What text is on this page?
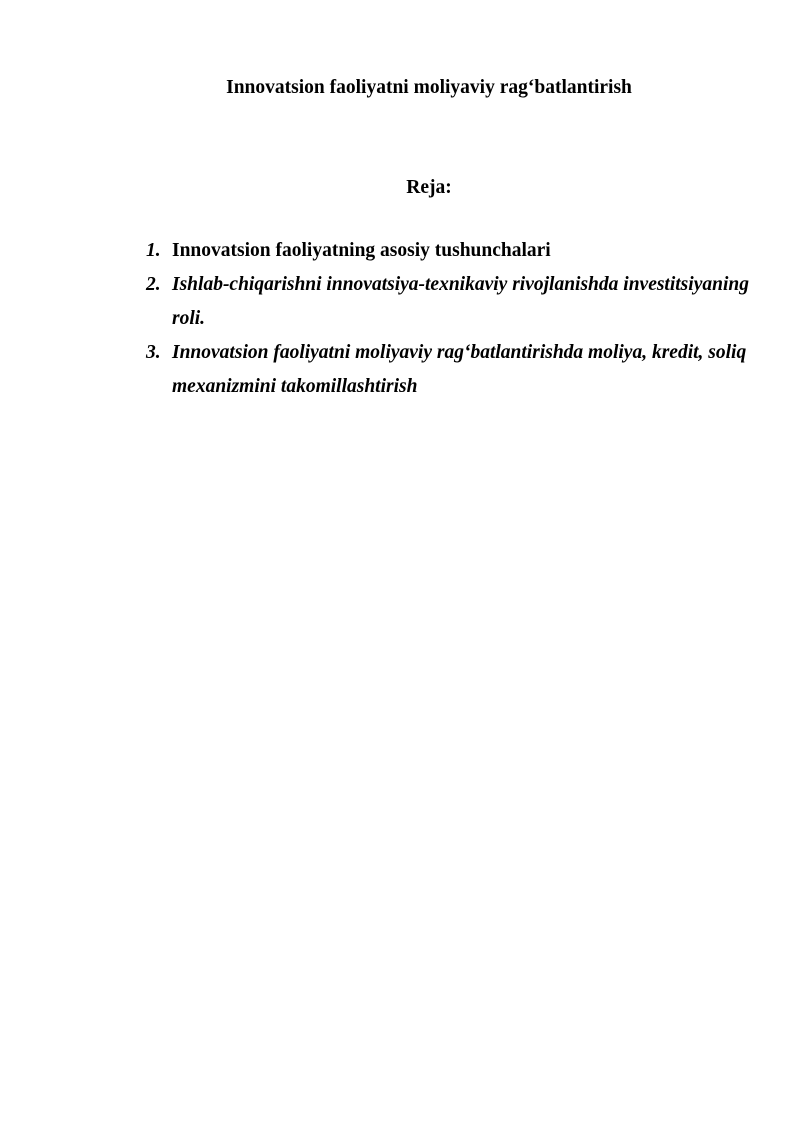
Innovatsion faoliyatni moliyaviy rag‘batlantirish
Reja:
1. Innovatsion faoliyatning asosiy tushunchalari
2. Ishlab-chiqarishni innovatsiya-texnikaviy rivojlanishda investitsiyaning roli.
3. Innovatsion faoliyatni moliyaviy rag‘batlantirishda moliya, kredit, soliq mexanizmini takomillashtirish
